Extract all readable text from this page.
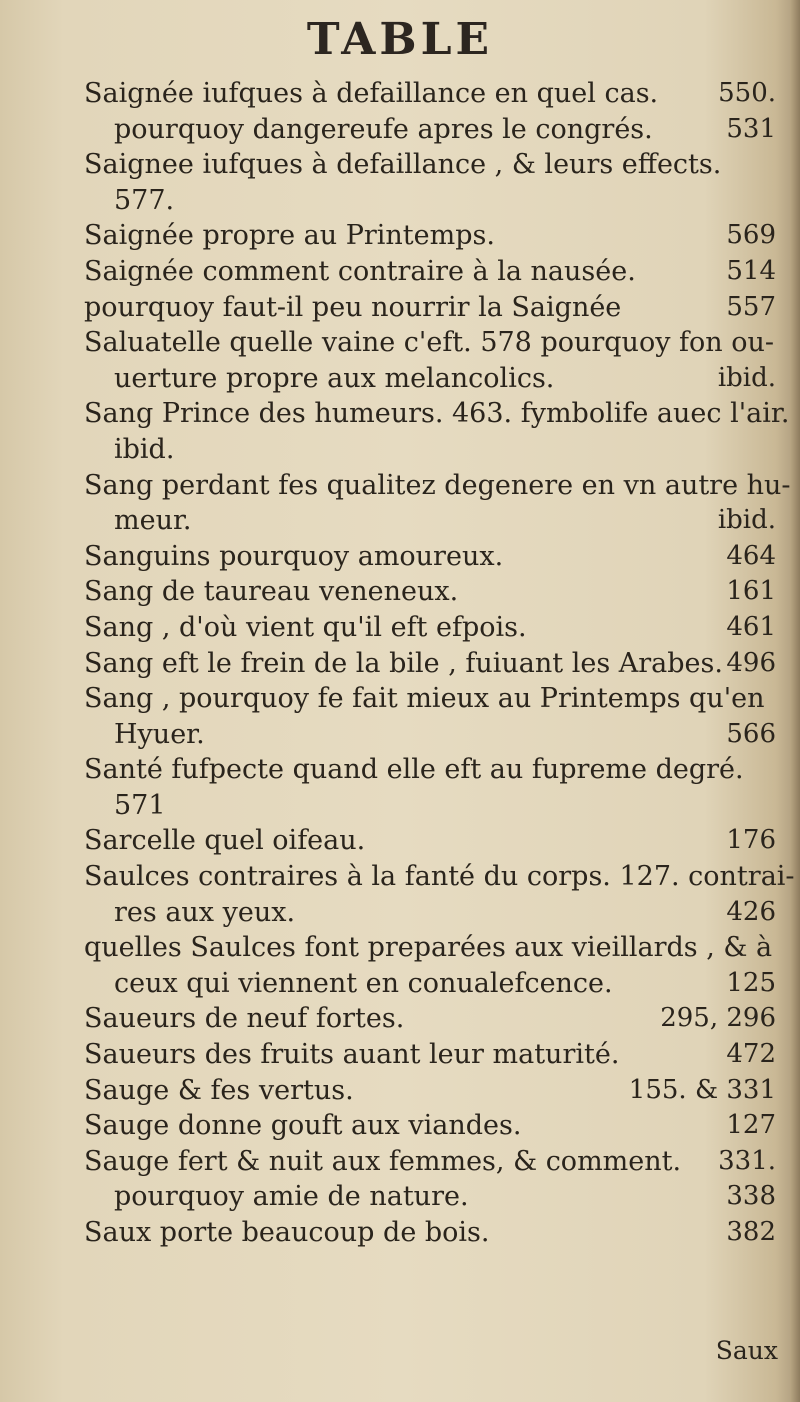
TABLE
Saignée iufques à defaillance en quel cas. 550.
pourquoy dangereufe apres le congrés.	531
Saignee iufques à defaillance , & leurs effects.
577.
Saignée propre au Printemps.	569
Saignée comment contraire à la nausée.	514
pourquoy faut-il peu nourrir la Saignée	557
Saluatelle quelle vaine c'eft. 578 pourquoy fon ou-
uerture propre aux melancolics.	ibid.
Sang Prince des humeurs. 463. fymbolife auec l'air.
ibid.
Sang perdant fes qualitez degenere en vn autre hu-
meur.	ibid.
Sanguins pourquoy amoureux.	464
Sang de taureau veneneux.	161
Sang , d'où vient qu'il eft efpois.	461
Sang eft le frein de la bile , fuiuant les Arabes. 496
Sang , pourquoy fe fait mieux au Printemps qu'en
Hyuer.	566
Santé fufpecte quand elle eft au fupreme degré.
571
Sarcelle quel oifeau.	176
Saulces contraires à la fanté du corps. 127. contrai-
res aux yeux.	426
quelles Saulces font preparées aux vieillards , & à
ceux qui viennent en conualefcence.	125
Saueurs de neuf fortes.	295, 296
Saueurs des fruits auant leur maturité.	472
Sauge & fes vertus.	155. & 331
Sauge donne gouft aux viandes.	127
Sauge fert & nuit aux femmes, & comment. 331.
pourquoy amie de nature.	338
Saux porte beaucoup de bois.	382
Saux
